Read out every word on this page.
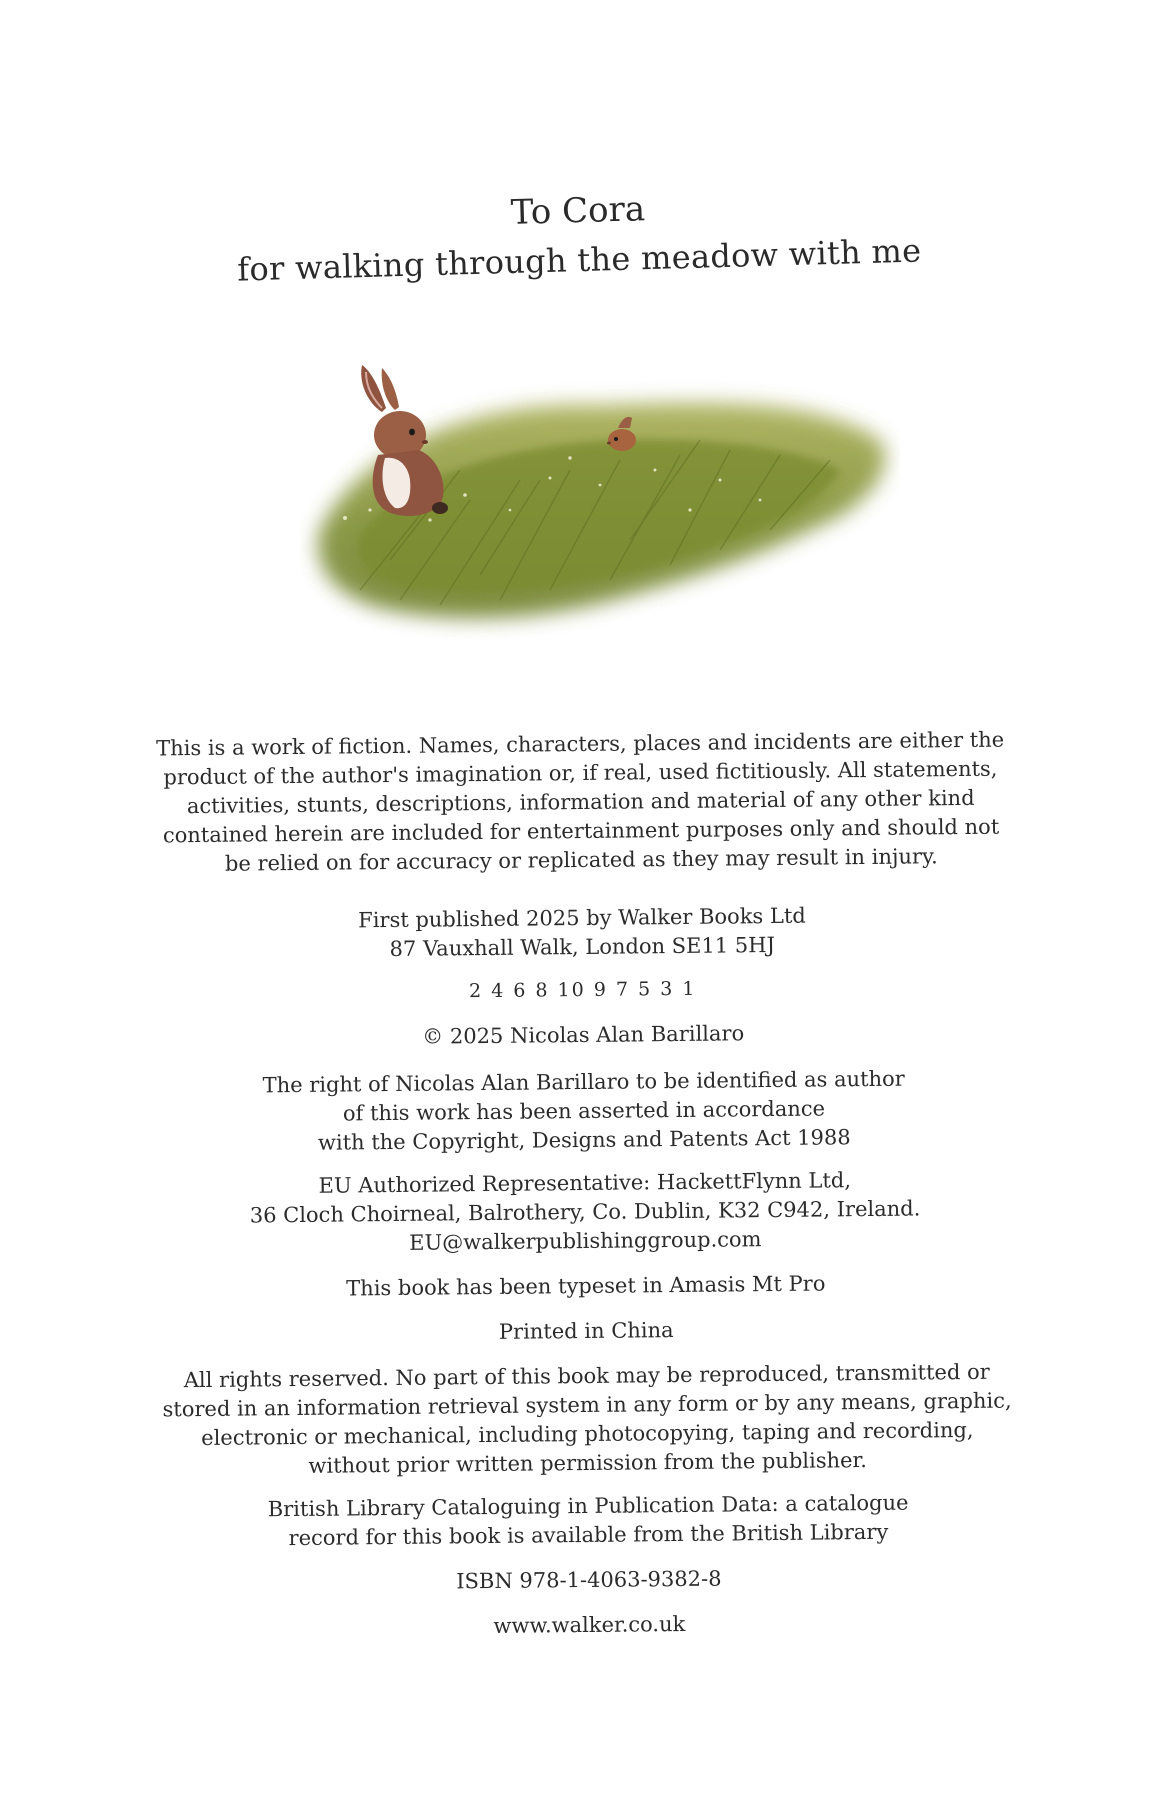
To Cora
for walking through the meadow with me

This is a work of fiction. Names, characters, places and incidents are either the
product of the author's imagination or, if real, used fictitiously. All statements,
activities, stunts, descriptions, information and material of any other kind
contained herein are included for entertainment purposes only and should not
be relied on for accuracy or replicated as they may result in injury.

First published 2025 by Walker Books Ltd
87 Vauxhall Walk, London SE11 5HJ

2 4 6 8 10 9 7 5 3 1

© 2025 Nicolas Alan Barillaro

The right of Nicolas Alan Barillaro to be identified as author
of this work has been asserted in accordance
with the Copyright, Designs and Patents Act 1988

EU Authorized Representative: HackettFlynn Ltd,
36 Cloch Choirneal, Balrothery, Co. Dublin, K32 C942, Ireland.
EU@walkerpublishinggroup.com

This book has been typeset in Amasis Mt Pro

Printed in China

All rights reserved. No part of this book may be reproduced, transmitted or
stored in an information retrieval system in any form or by any means, graphic,
electronic or mechanical, including photocopying, taping and recording,
without prior written permission from the publisher.

British Library Cataloguing in Publication Data: a catalogue
record for this book is available from the British Library

ISBN 978-1-4063-9382-8

www.walker.co.uk
